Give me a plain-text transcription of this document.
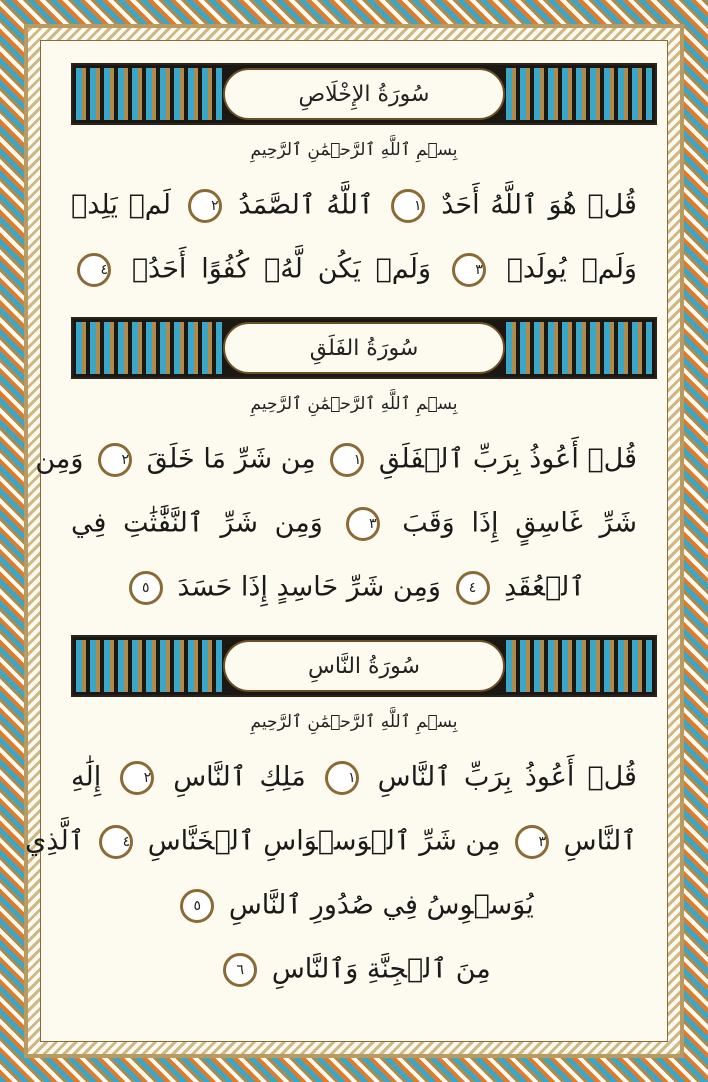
سُورَةُ الإِخْلَاصِ
بِسۡمِ ٱللَّهِ ٱلرَّحۡمَٰنِ ٱلرَّحِيمِ
قُلۡ هُوَ ٱللَّهُ أَحَدٌ ١ ٱللَّهُ ٱلصَّمَدُ ٢ لَمۡ يَلِدۡ
وَلَمۡ يُولَدۡ ٣ وَلَمۡ يَكُن لَّهُۥ كُفُوًا أَحَدُۢ ٤
سُورَةُ الفَلَقِ
بِسۡمِ ٱللَّهِ ٱلرَّحۡمَٰنِ ٱلرَّحِيمِ
قُلۡ أَعُوذُ بِرَبِّ ٱلۡفَلَقِ ١ مِن شَرِّ مَا خَلَقَ ٢ وَمِن
شَرِّ غَاسِقٍ إِذَا وَقَبَ ٣ وَمِن شَرِّ ٱلنَّفَّٰثَٰتِ فِي
ٱلۡعُقَدِ ٤ وَمِن شَرِّ حَاسِدٍ إِذَا حَسَدَ ٥
سُورَةُ النَّاسِ
بِسۡمِ ٱللَّهِ ٱلرَّحۡمَٰنِ ٱلرَّحِيمِ
قُلۡ أَعُوذُ بِرَبِّ ٱلنَّاسِ ١ مَلِكِ ٱلنَّاسِ ٢ إِلَٰهِ
ٱلنَّاسِ ٣ مِن شَرِّ ٱلۡوَسۡوَاسِ ٱلۡخَنَّاسِ ٤ ٱلَّذِي
يُوَسۡوِسُ فِي صُدُورِ ٱلنَّاسِ ٥
مِنَ ٱلۡجِنَّةِ وَٱلنَّاسِ ٦
